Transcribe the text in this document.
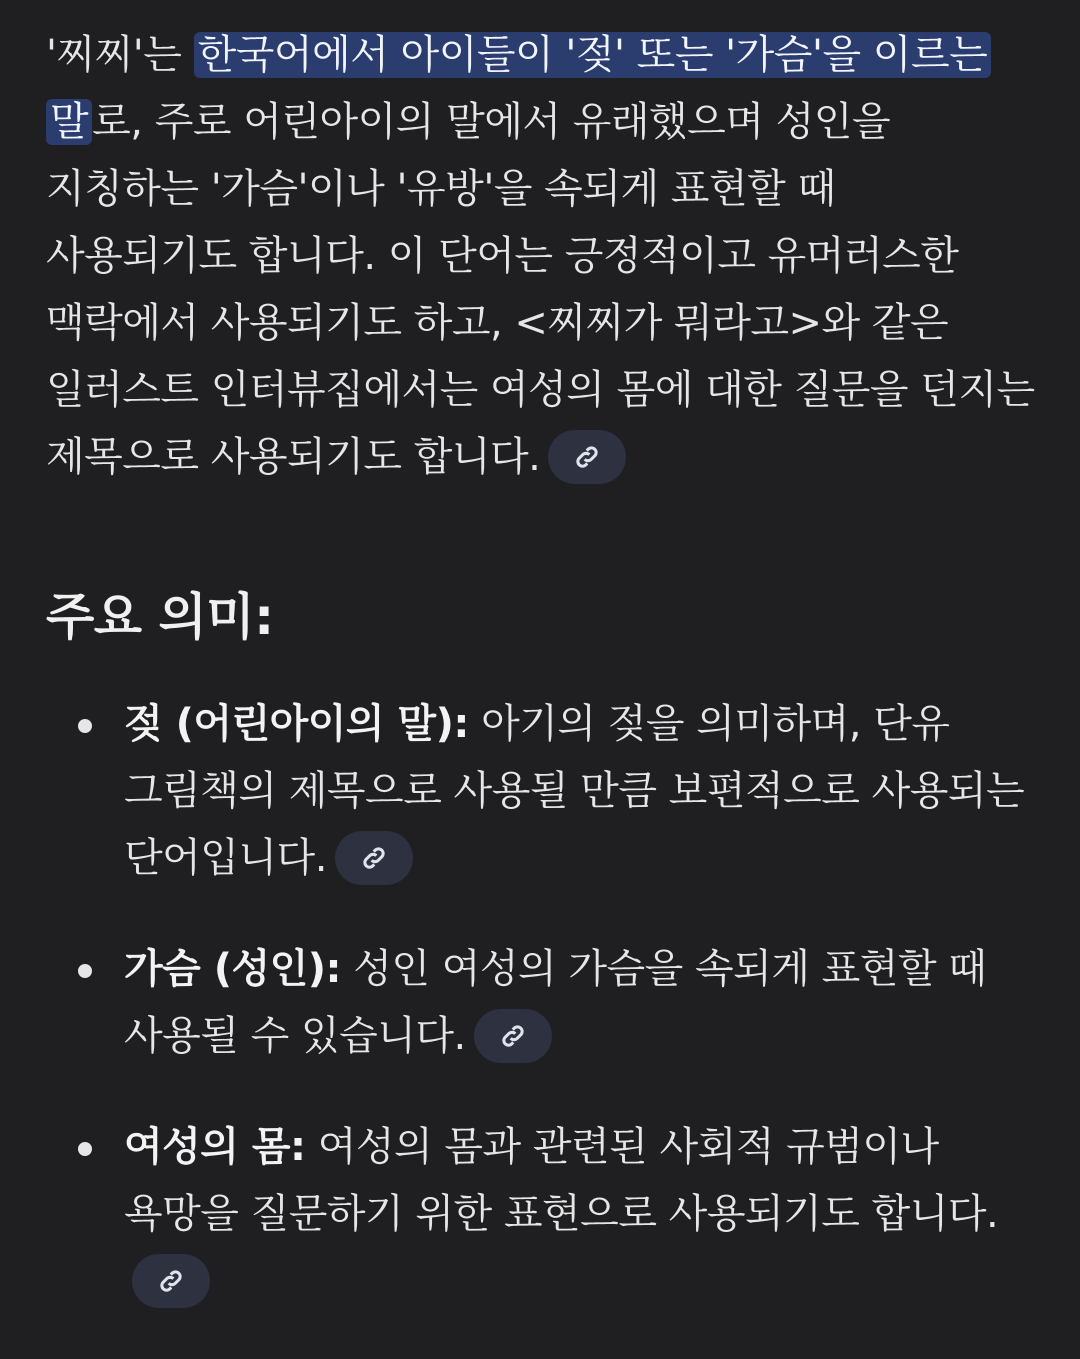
'찌찌'는 한국어에서 아이들이 '젖' 또는 '가슴'을 이르는 말 로, 주로 어린아이의 말에서 유래했으며 성인을 지칭하는 '가슴'이나 '유방'을 속되게 표현할 때 사용되기도 합니다. 이 단어는 긍정적이고 유머러스한 맥락에서 사용되기도 하고, <찌찌가 뭐라고>와 같은 일러스트 인터뷰집에서는 여성의 몸에 대한 질문을 던지는 제목으로 사용되기도 합니다.

주요 의미:
젖 (어린아이의 말): 아기의 젖을 의미하며, 단유 그림책의 제목으로 사용될 만큼 보편적으로 사용되는 단어입니다.
가슴 (성인): 성인 여성의 가슴을 속되게 표현할 때 사용될 수 있습니다.
여성의 몸: 여성의 몸과 관련된 사회적 규범이나 욕망을 질문하기 위한 표현으로 사용되기도 합니다.
